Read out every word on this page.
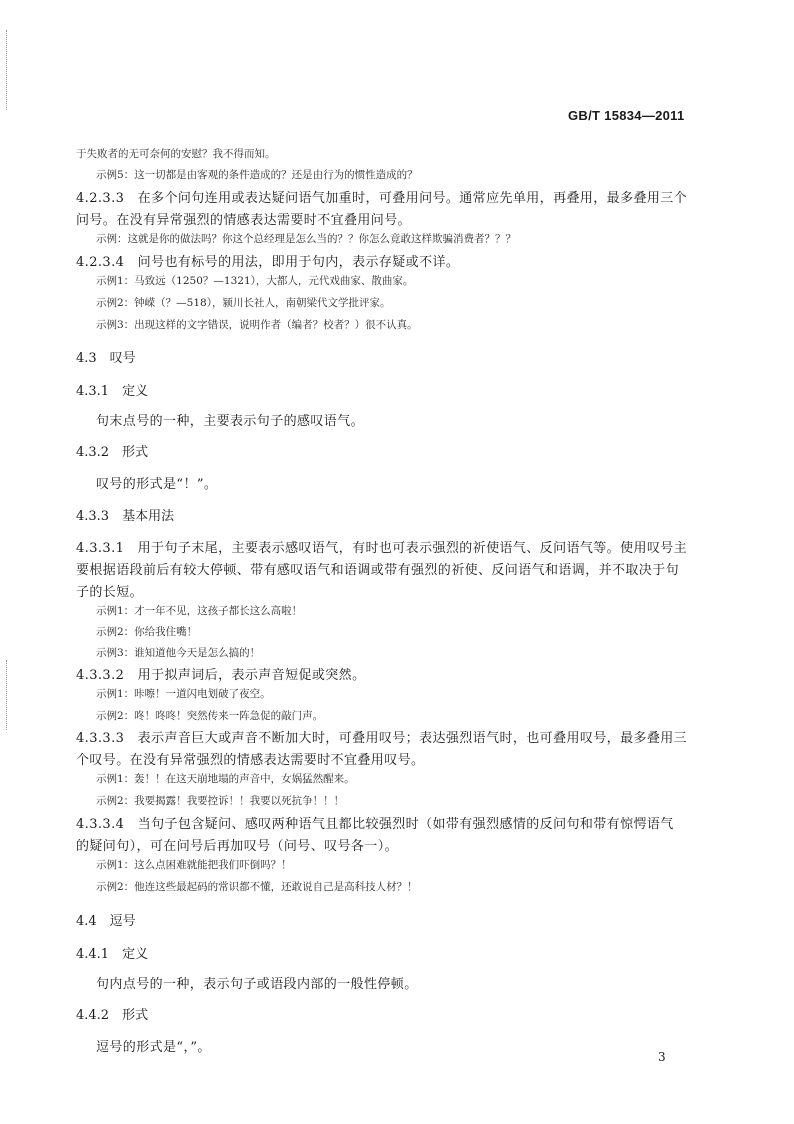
GB/T 15834—2011
于失败者的无可奈何的安慰？我不得而知。
示例5：这一切都是由客观的条件造成的？还是由行为的惯性造成的？
4.2.3.3　在多个问句连用或表达疑问语气加重时，可叠用问号。通常应先单用，再叠用，最多叠用三个
问号。在没有异常强烈的情感表达需要时不宜叠用问号。
示例：这就是你的做法吗？你这个总经理是怎么当的？？你怎么竟敢这样欺骗消费者？？？
4.2.3.4　问号也有标号的用法，即用于句内，表示存疑或不详。
示例1：马致远（1250？—1321），大都人，元代戏曲家、散曲家。
示例2：钟嵘（？—518），颍川长社人，南朝梁代文学批评家。
示例3：出现这样的文字错误，说明作者（编者？校者？）很不认真。
4.3　叹号
4.3.1　定义
句末点号的一种，主要表示句子的感叹语气。
4.3.2　形式
叹号的形式是“！”。
4.3.3　基本用法
4.3.3.1　用于句子末尾，主要表示感叹语气，有时也可表示强烈的祈使语气、反问语气等。使用叹号主
要根据语段前后有较大停顿、带有感叹语气和语调或带有强烈的祈使、反问语气和语调，并不取决于句
子的长短。
示例1：才一年不见，这孩子都长这么高啦！
示例2：你给我住嘴！
示例3：谁知道他今天是怎么搞的！
4.3.3.2　用于拟声词后，表示声音短促或突然。
示例1：咔嚓！一道闪电划破了夜空。
示例2：咚！咚咚！突然传来一阵急促的敲门声。
4.3.3.3　表示声音巨大或声音不断加大时，可叠用叹号；表达强烈语气时，也可叠用叹号，最多叠用三
个叹号。在没有异常强烈的情感表达需要时不宜叠用叹号。
示例1：轰！！在这天崩地塌的声音中，女娲猛然醒来。
示例2：我要揭露！我要控诉！！我要以死抗争！！！
4.3.3.4　当句子包含疑问、感叹两种语气且都比较强烈时（如带有强烈感情的反问句和带有惊愕语气
的疑问句），可在问号后再加叹号（问号、叹号各一）。
示例1：这么点困难就能把我们吓倒吗？！
示例2：他连这些最起码的常识都不懂，还敢说自己是高科技人材？！
4.4　逗号
4.4.1　定义
句内点号的一种，表示句子或语段内部的一般性停顿。
4.4.2　形式
逗号的形式是“，”。
3
